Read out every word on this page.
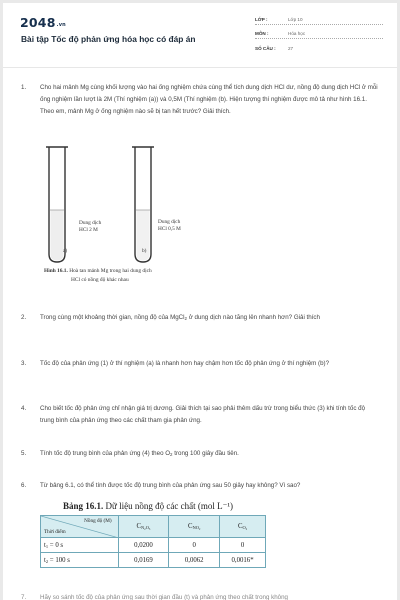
2048.vn
Bài tập Tốc độ phản ứng hóa học có đáp án
LỚP :	Lớp 10
MÔN :	Hóa học
SỐ CÂU :	27
1. Cho hai mảnh Mg cùng khối lượng vào hai ống nghiệm chứa cùng thể tích dung dịch HCl dư, nồng độ dung dịch HCl ở mỗi ống nghiệm lần lượt là 2M (Thí nghiệm (a)) và 0,5M (Thí nghiệm (b). Hiện tượng thí nghiệm được mô tả như hình 16.1. Theo em, mảnh Mg ở ống nghiệm nào sẽ bị tan hết trước? Giải thích.
Dung dịch
HCl 2 M
Dung dịch
HCl 0,5 M
a)	b)
Hình 16.1. Hoà tan mảnh Mg trong hai dung dịch
HCl có nồng độ khác nhau
2. Trong cùng một khoảng thời gian, nồng độ của MgCl$_2$ ở dung dịch nào tăng lên nhanh hơn? Giải thích
3. Tốc độ của phản ứng (1) ở thí nghiệm (a) là nhanh hơn hay chậm hơn tốc độ phản ứng ở thí nghiệm (b)?
4. Cho biết tốc độ phản ứng chỉ nhận giá trị dương. Giải thích tại sao phải thêm dấu trừ trong biểu thức (3) khi tính tốc độ trung bình của phản ứng theo các chất tham gia phản ứng.
5. Tính tốc độ trung bình của phản ứng (4) theo $O_2$ trong 100 giây đầu tiên.
6. Từ bảng 6.1, có thể tính được tốc độ trung bình của phản ứng sau 50 giây hay không? Vì sao?
Bảng 16.1. Dữ liệu nồng độ các chất (mol L⁻¹)
Nồng độ (M)
Thời điểm	$C_{N_2O_5}$	$C_{NO_2}$	$C_{O_2}$
$t_1 = 0$ s	0,0200	0	0
$t_2 = 100$ s	0,0169	0,0062	0,0016*
7. Hãy so sánh tốc độ của phản ứng sau thời gian đầu (t) và phản ứng theo chất trong không
